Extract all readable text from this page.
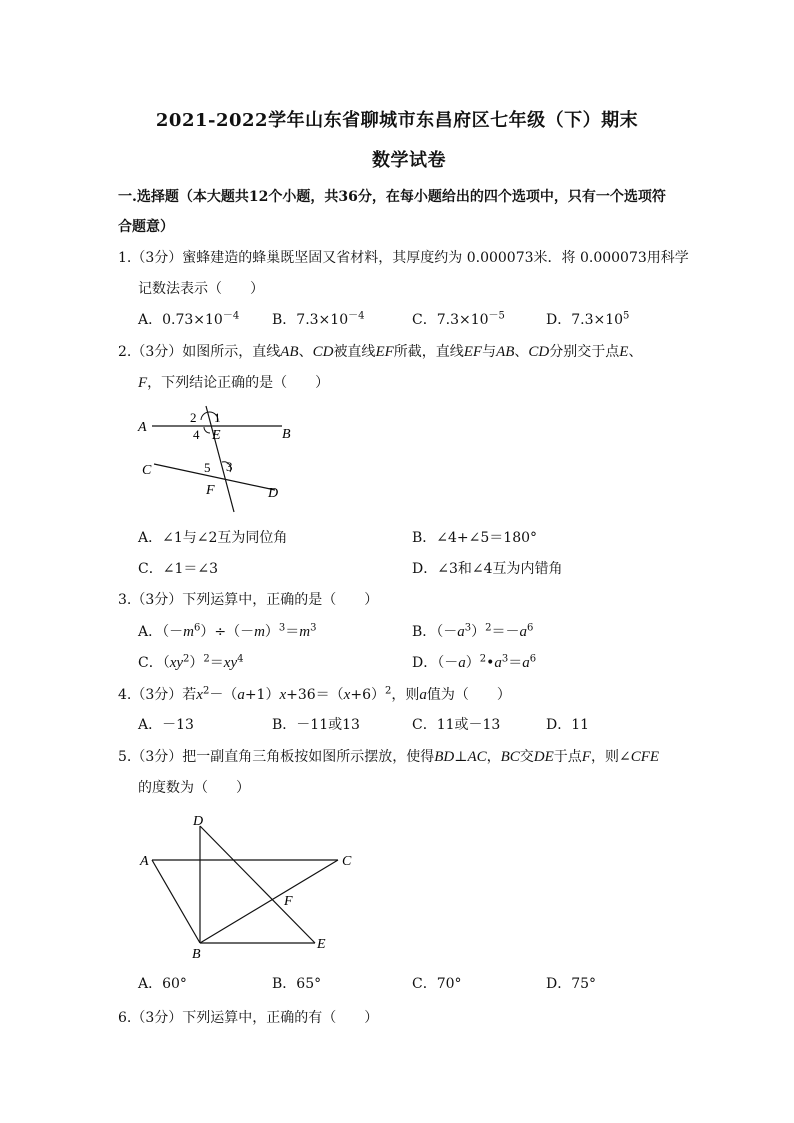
2021-2022学年山东省聊城市东昌府区七年级（下）期末
数学试卷
一.选择题（本大题共12个小题，共36分，在每小题给出的四个选项中，只有一个选项符
合题意）
1.（3分）蜜蜂建造的蜂巢既坚固又省材料，其厚度约为 0.000073米．将 0.000073用科学
记数法表示（　　）
A．$0.73\times 10^{-4}$ B．$7.3\times 10^{-4}$	C．$7.3\times 10^{-5}$	D．$7.3\times 10^5$
2.（3分）如图所示，直线AB、CD被直线EF所截，直线EF与AB、CD分别交于点E、
F，下列结论正确的是（　　）
A	B
C
D
E
F
2 1
4
5 3
A．∠1与∠2互为同位角	B．∠4+∠5＝180°
C．∠1＝∠3	D．∠3和∠4互为内错角
3.（3分）下列运算中，正确的是（　　）
A．$(-m^6)\div(-m)^3=m^3$	B．$(-a^3)^2=-a^6$
C．$(xy^2)^2=xy^4$	D．$(-a)^2•a^3=a^6$
4.（3分）若$x^2-(a+1)x+36=(x+6)^2$，则a值为（　　）
A．－13	B．－11或13	C．11或－13	D．11
5.（3分）把一副直角三角板按如图所示摆放，使得BD⊥AC，BC交DE于点F，则∠CFE
的度数为（　　）
D
A	C
F
E
B
A．60°	B．65°	C．70°	D．75°
6.（3分）下列运算中，正确的有（　　）
